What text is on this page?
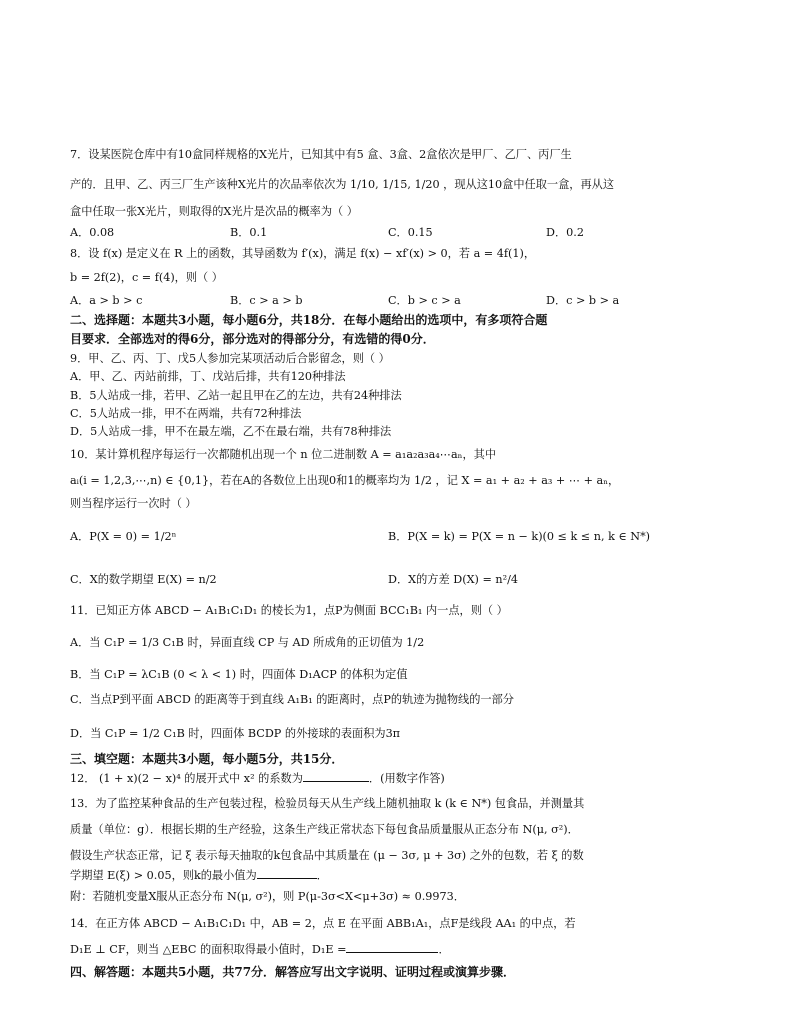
7．设某医院仓库中有10盒同样规格的X光片，已知其中有5 盒、3盒、2盒依次是甲厂、乙厂、丙厂生
产的．且甲、乙、丙三厂生产该种X光片的次品率依次为 1/10, 1/15, 1/20 ，现从这10盒中任取一盒，再从这
盒中任取一张X光片，则取得的X光片是次品的概率为（ ）
A．0.08	B．0.1	C．0.15	D．0.2
8．设 f(x) 是定义在 R 上的函数，其导函数为 f′(x)，满足 f(x) − xf′(x) > 0，若 a = 4f(1)，
b = 2f(2)，c = f(4)，则（ ）
A．a > b > c	B．c > a > b	C．b > c > a	D．c > b > a
二、选择题：本题共3小题，每小题6分，共18分．在每小题给出的选项中，有多项符合题
目要求．全部选对的得6分，部分选对的得部分分，有选错的得0分．
9．甲、乙、丙、丁、戊5人参加完某项活动后合影留念，则（ ）
A．甲、乙、丙站前排，丁、戊站后排，共有120种排法
B．5人站成一排，若甲、乙站一起且甲在乙的左边，共有24种排法
C．5人站成一排，甲不在两端，共有72种排法
D．5人站成一排，甲不在最左端，乙不在最右端，共有78种排法
10．某计算机程序每运行一次都随机出现一个 n 位二进制数 A = a₁a₂a₃a₄⋯aₙ，其中
aᵢ(i = 1,2,3,⋯,n) ∈ {0,1}，若在A的各数位上出现0和1的概率均为 1/2 ，记 X = a₁ + a₂ + a₃ + ⋯ + aₙ，
则当程序运行一次时（ ）
A．P(X = 0) = 1/2ⁿ	B．P(X = k) = P(X = n − k)(0 ≤ k ≤ n, k ∈ N*)
C．X的数学期望 E(X) = n/2	D．X的方差 D(X) = n²/4
11．已知正方体 ABCD − A₁B₁C₁D₁ 的棱长为1，点P为侧面 BCC₁B₁ 内一点，则（ ）
A．当 C₁P = 1/3 C₁B 时，异面直线 CP 与 AD 所成角的正切值为 1/2
B．当 C₁P = λC₁B (0 < λ < 1) 时，四面体 D₁ACP 的体积为定值
C．当点P到平面 ABCD 的距离等于到直线 A₁B₁ 的距离时，点P的轨迹为抛物线的一部分
D．当 C₁P = 1/2 C₁B 时，四面体 BCDP 的外接球的表面积为3π
三、填空题：本题共3小题，每小题5分，共15分．
12． (1 + x)(2 − x)⁴ 的展开式中 x² 的系数为	．(用数字作答)
13．为了监控某种食品的生产包装过程，检验员每天从生产线上随机抽取 k (k ∈ N*) 包食品，并测量其
质量（单位：g）．根据长期的生产经验，这条生产线正常状态下每包食品质量服从正态分布 N(μ, σ²)．
假设生产状态正常，记 ξ 表示每天抽取的k包食品中其质量在 (μ − 3σ, μ + 3σ) 之外的包数，若 ξ 的数
学期望 E(ξ) > 0.05，则k的最小值为	．
附：若随机变量X服从正态分布 N(μ, σ²)，则 P(μ-3σ<X<μ+3σ) ≈ 0.9973．
14．在正方体 ABCD − A₁B₁C₁D₁ 中，AB = 2，点 E 在平面 ABB₁A₁，点F是线段 AA₁ 的中点，若
D₁E ⊥ CF，则当 △EBC 的面积取得最小值时，D₁E =	．
四、解答题：本题共5小题，共77分．解答应写出文字说明、证明过程或演算步骤．
